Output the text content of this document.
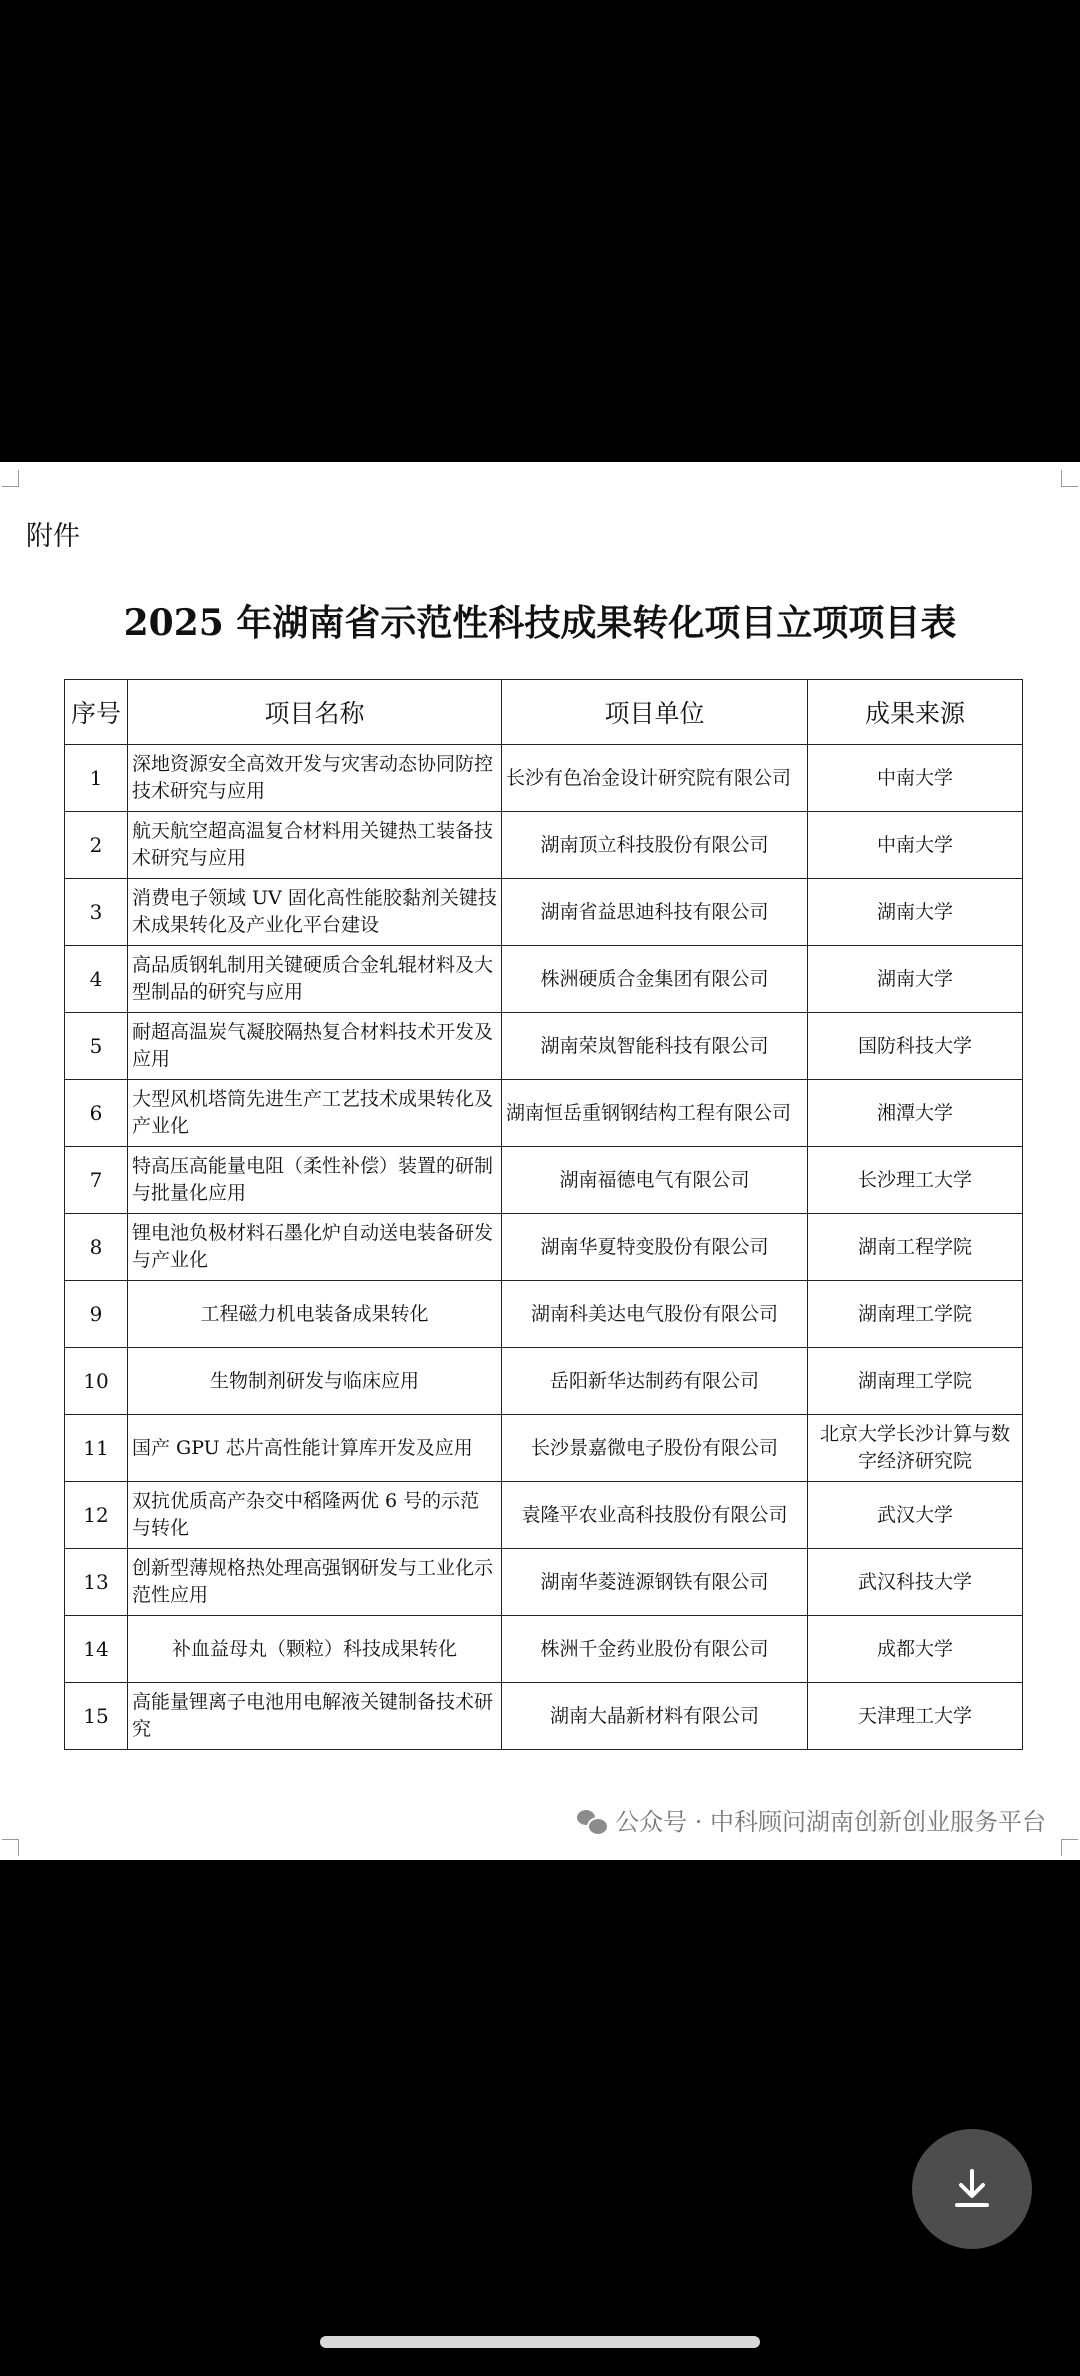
附件
2025 年湖南省示范性科技成果转化项目立项项目表
序号	项目名称	项目单位	成果来源
1	深地资源安全高效开发与灾害动态协同防控技术研究与应用	长沙有色冶金设计研究院有限公司	中南大学
2	航天航空超高温复合材料用关键热工装备技术研究与应用	湖南顶立科技股份有限公司	中南大学
3	消费电子领域 UV 固化高性能胶黏剂关键技术成果转化及产业化平台建设	湖南省益思迪科技有限公司	湖南大学
4	高品质钢轧制用关键硬质合金轧辊材料及大型制品的研究与应用	株洲硬质合金集团有限公司	湖南大学
5	耐超高温炭气凝胶隔热复合材料技术开发及应用	湖南荣岚智能科技有限公司	国防科技大学
6	大型风机塔筒先进生产工艺技术成果转化及产业化	湖南恒岳重钢钢结构工程有限公司	湘潭大学
7	特高压高能量电阻（柔性补偿）装置的研制与批量化应用	湖南福德电气有限公司	长沙理工大学
8	锂电池负极材料石墨化炉自动送电装备研发与产业化	湖南华夏特变股份有限公司	湖南工程学院
9	工程磁力机电装备成果转化	湖南科美达电气股份有限公司	湖南理工学院
10	生物制剂研发与临床应用	岳阳新华达制药有限公司	湖南理工学院
11	国产 GPU 芯片高性能计算库开发及应用	长沙景嘉微电子股份有限公司	北京大学长沙计算与数字经济研究院
12	双抗优质高产杂交中稻隆两优 6 号的示范与转化	袁隆平农业高科技股份有限公司	武汉大学
13	创新型薄规格热处理高强钢研发与工业化示范性应用	湖南华菱涟源钢铁有限公司	武汉科技大学
14	补血益母丸（颗粒）科技成果转化	株洲千金药业股份有限公司	成都大学
15	高能量锂离子电池用电解液关键制备技术研究	湖南大晶新材料有限公司	天津理工大学
公众号 · 中科顾问湖南创新创业服务平台
